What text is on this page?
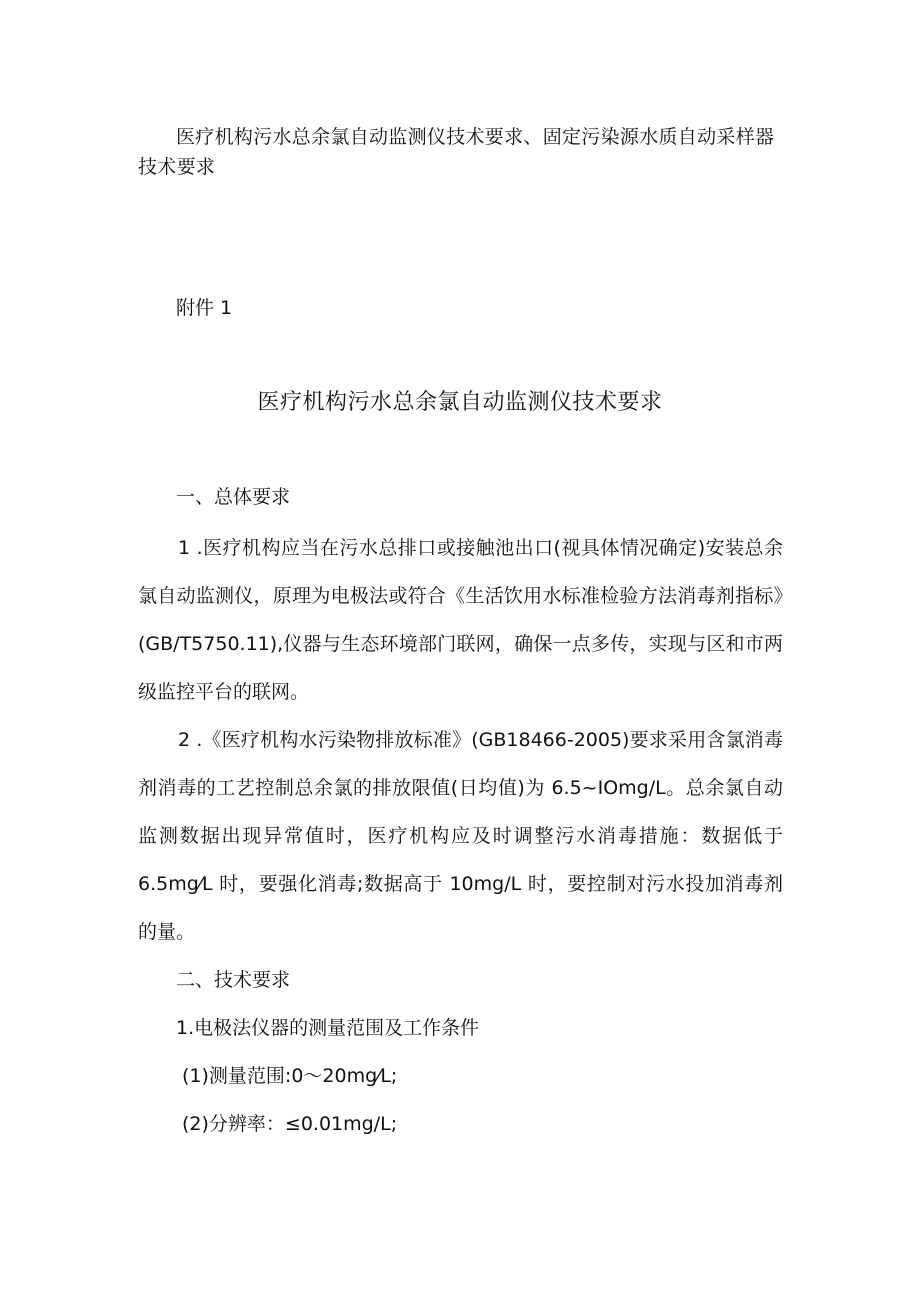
医疗机构污水总余氯自动监测仪技术要求、固定污染源水质自动采样器技术要求
附件 1
医疗机构污水总余氯自动监测仪技术要求
一、总体要求
1 .医疗机构应当在污水总排口或接触池出口(视具体情况确定)安装总余氯自动监测仪，原理为电极法或符合《生活饮用水标准检验方法消毒剂指标》(GB/T5750.11),仪器与生态环境部门联网，确保一点多传，实现与区和市两级监控平台的联网。
2 .《医疗机构水污染物排放标准》(GB18466-2005)要求采用含氯消毒剂消毒的工艺控制总余氯的排放限值(日均值)为 6.5~IOmg/L。总余氯自动监测数据出现异常值时，医疗机构应及时调整污水消毒措施：数据低于 6.5mg⁄L 时，要强化消毒;数据高于 10mg/L 时，要控制对污水投加消毒剂的量。
二、技术要求
1.电极法仪器的测量范围及工作条件
(1)测量范围:0～20mg⁄L;
(2)分辨率：≤0.01mg/L;
